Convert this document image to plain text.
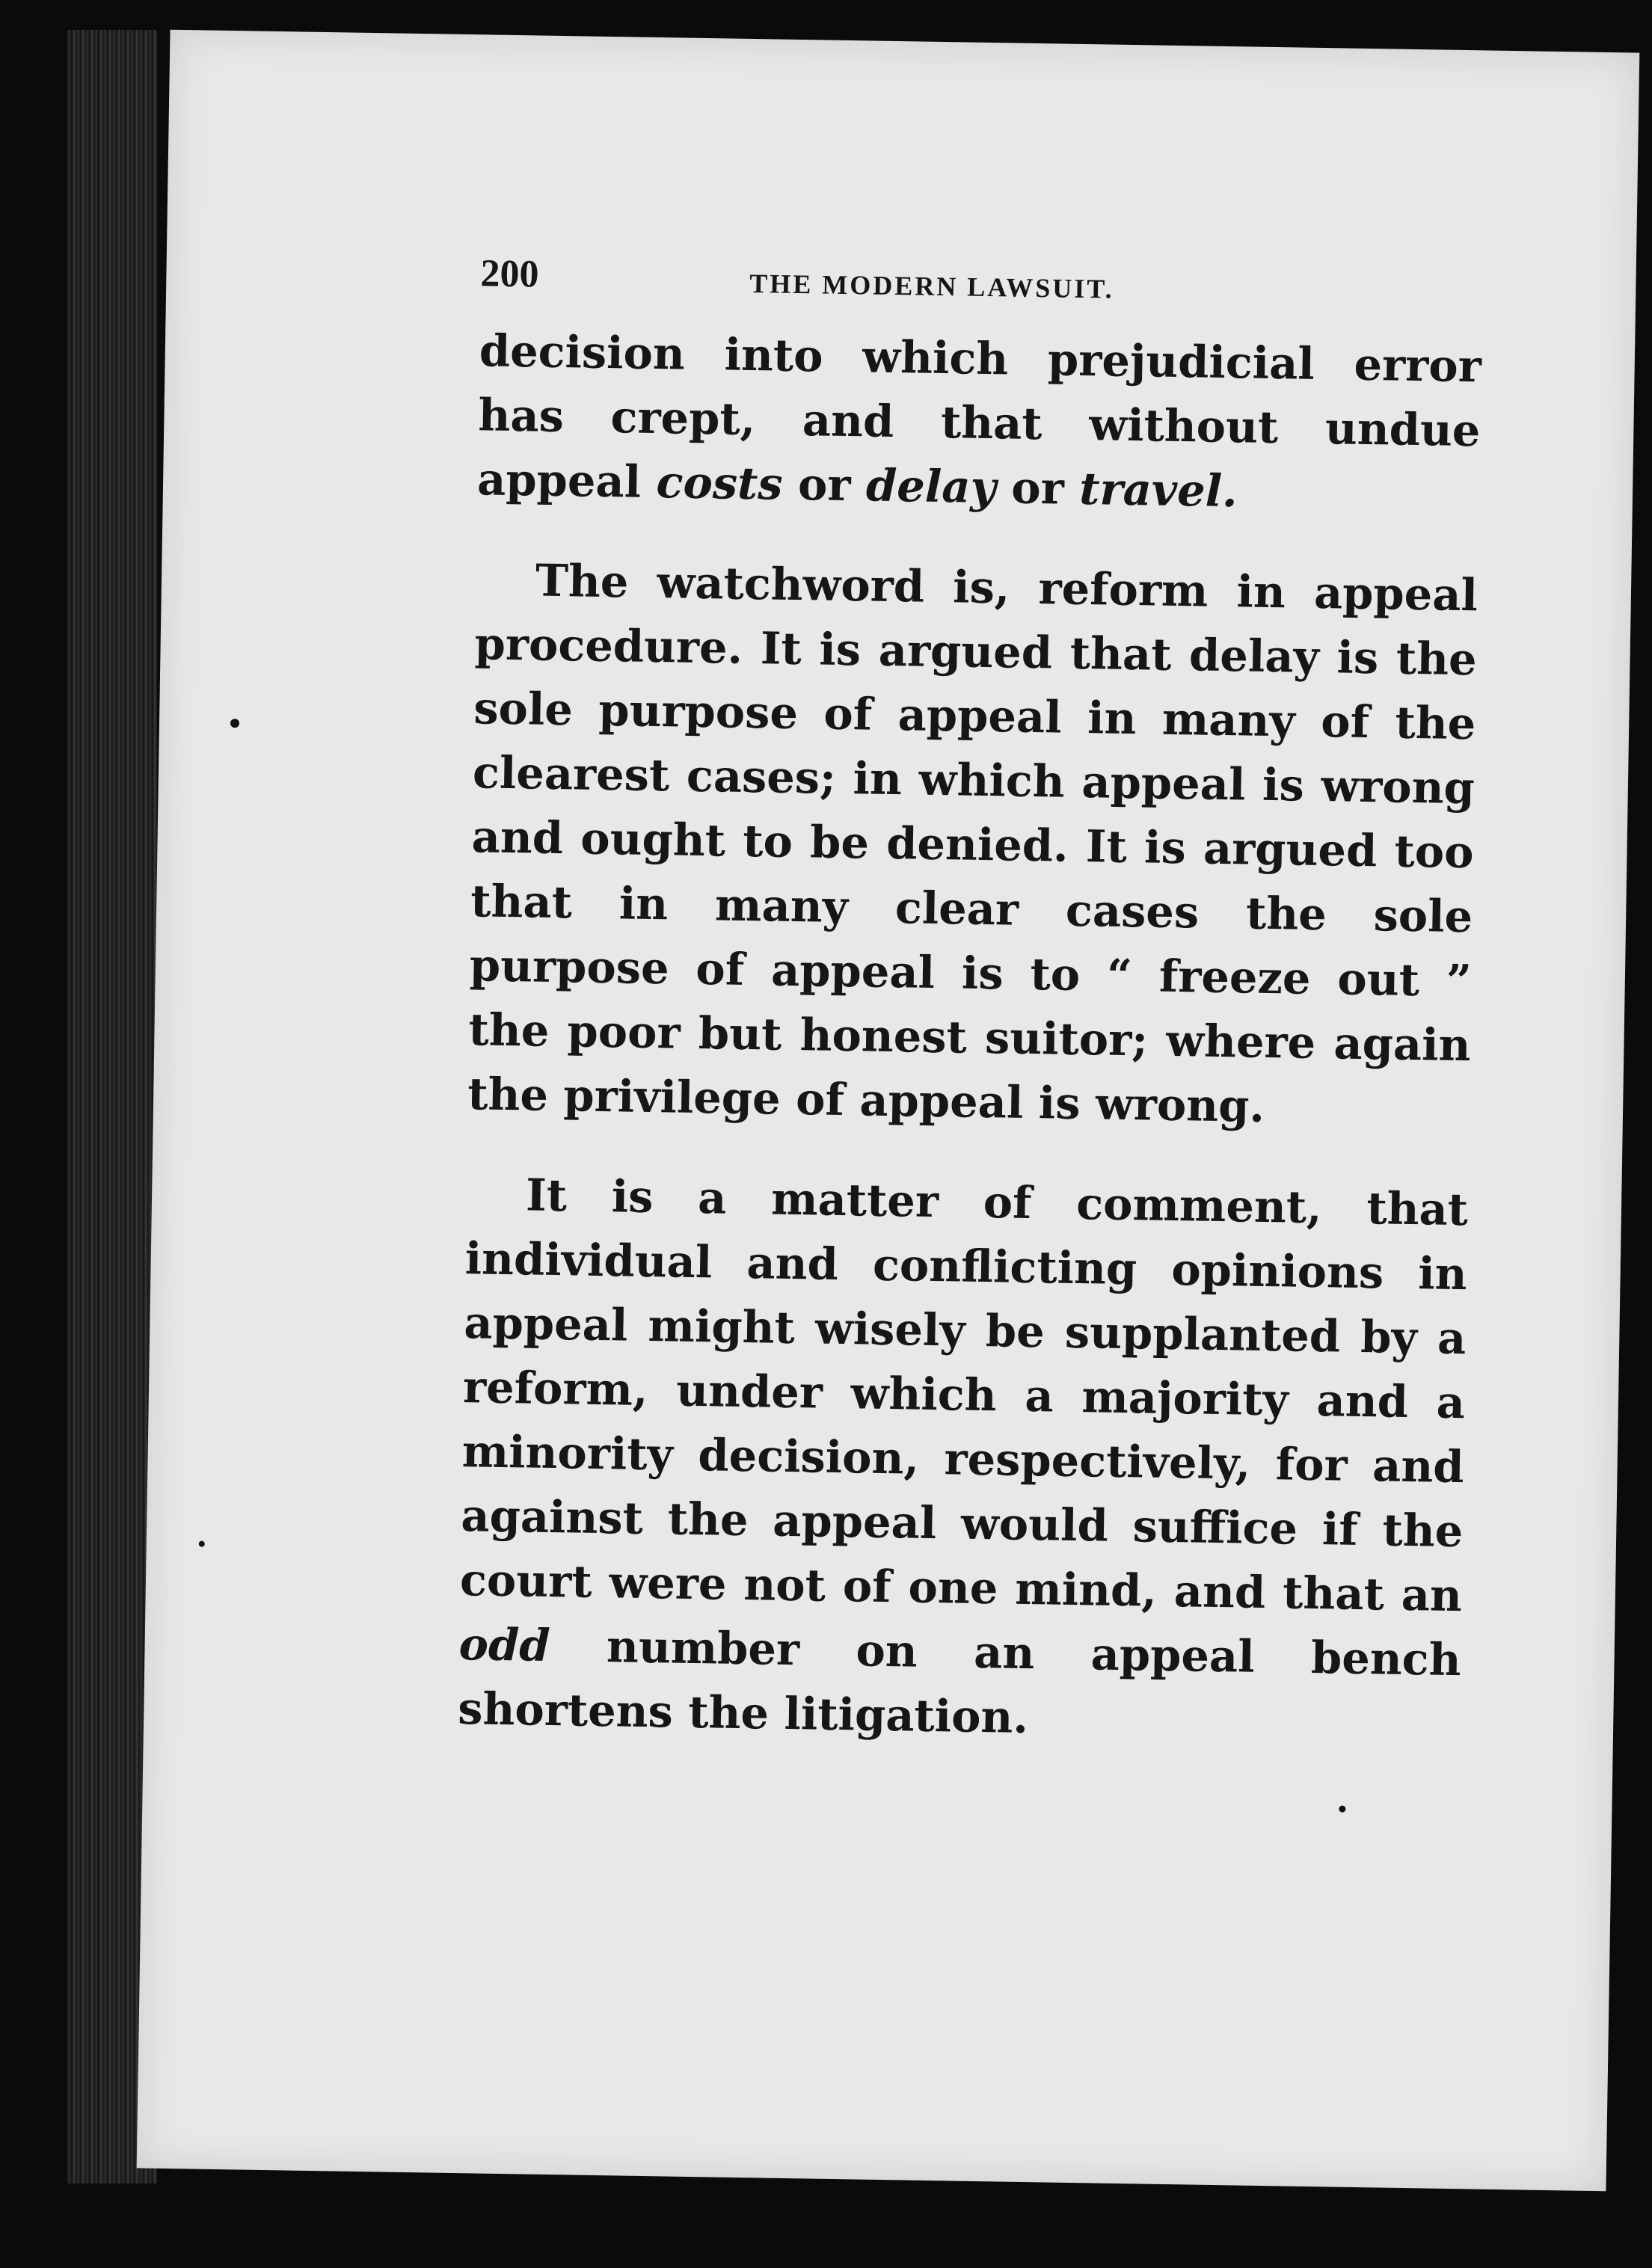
200	THE MODERN LAWSUIT.

decision into which prejudicial error has crept, and that without undue appeal costs or delay or travel.

The watchword is, reform in appeal procedure. It is argued that delay is the sole purpose of appeal in many of the clearest cases; in which appeal is wrong and ought to be denied. It is argued too that in many clear cases the sole purpose of appeal is to “ freeze out ” the poor but honest suitor; where again the privilege of appeal is wrong.

It is a matter of comment, that individual and conflicting opinions in appeal might wisely be supplanted by a reform, under which a majority and a minority decision, respectively, for and against the appeal would suffice if the court were not of one mind, and that an odd number on an appeal bench shortens the litigation.
